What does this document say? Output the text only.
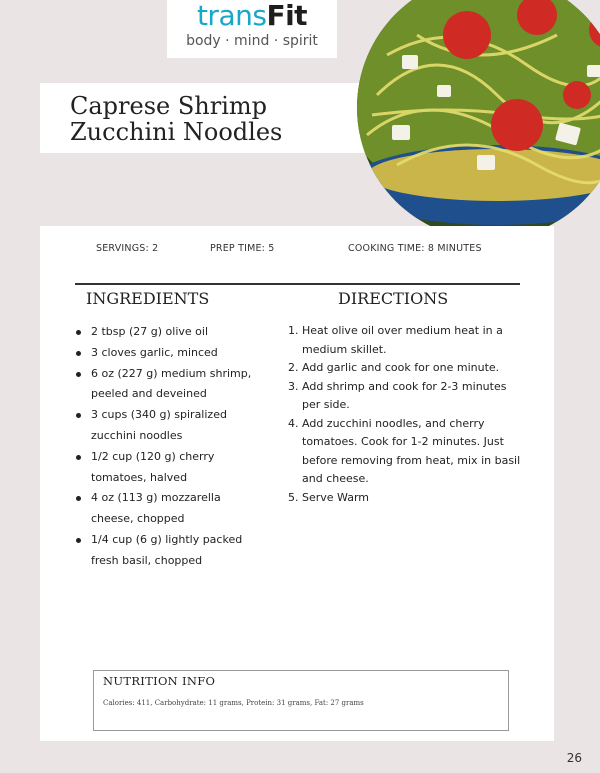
transFit
body · mind · spirit
Caprese Shrimp
Zucchini Noodles
SERVINGS: 2	PREP TIME: 5	COOKING TIME: 8 MINUTES
INGREDIENTS	DIRECTIONS
2 tbsp (27 g) olive oil
3 cloves garlic, minced
6 oz (227 g) medium shrimp, peeled and deveined
3 cups (340 g) spiralized zucchini noodles
1/2 cup (120 g) cherry tomatoes, halved
4 oz (113 g) mozzarella cheese, chopped
1/4 cup (6 g) lightly packed fresh basil, chopped
1. Heat olive oil over medium heat in a medium skillet.
2. Add garlic and cook for one minute.
3. Add shrimp and cook for 2-3 minutes per side.
4. Add zucchini noodles, and cherry tomatoes. Cook for 1-2 minutes. Just before removing from heat, mix in basil and cheese.
5. Serve Warm
NUTRITION INFO
Calories: 411, Carbohydrate: 11 grams, Protein: 31 grams, Fat: 27 grams
26
